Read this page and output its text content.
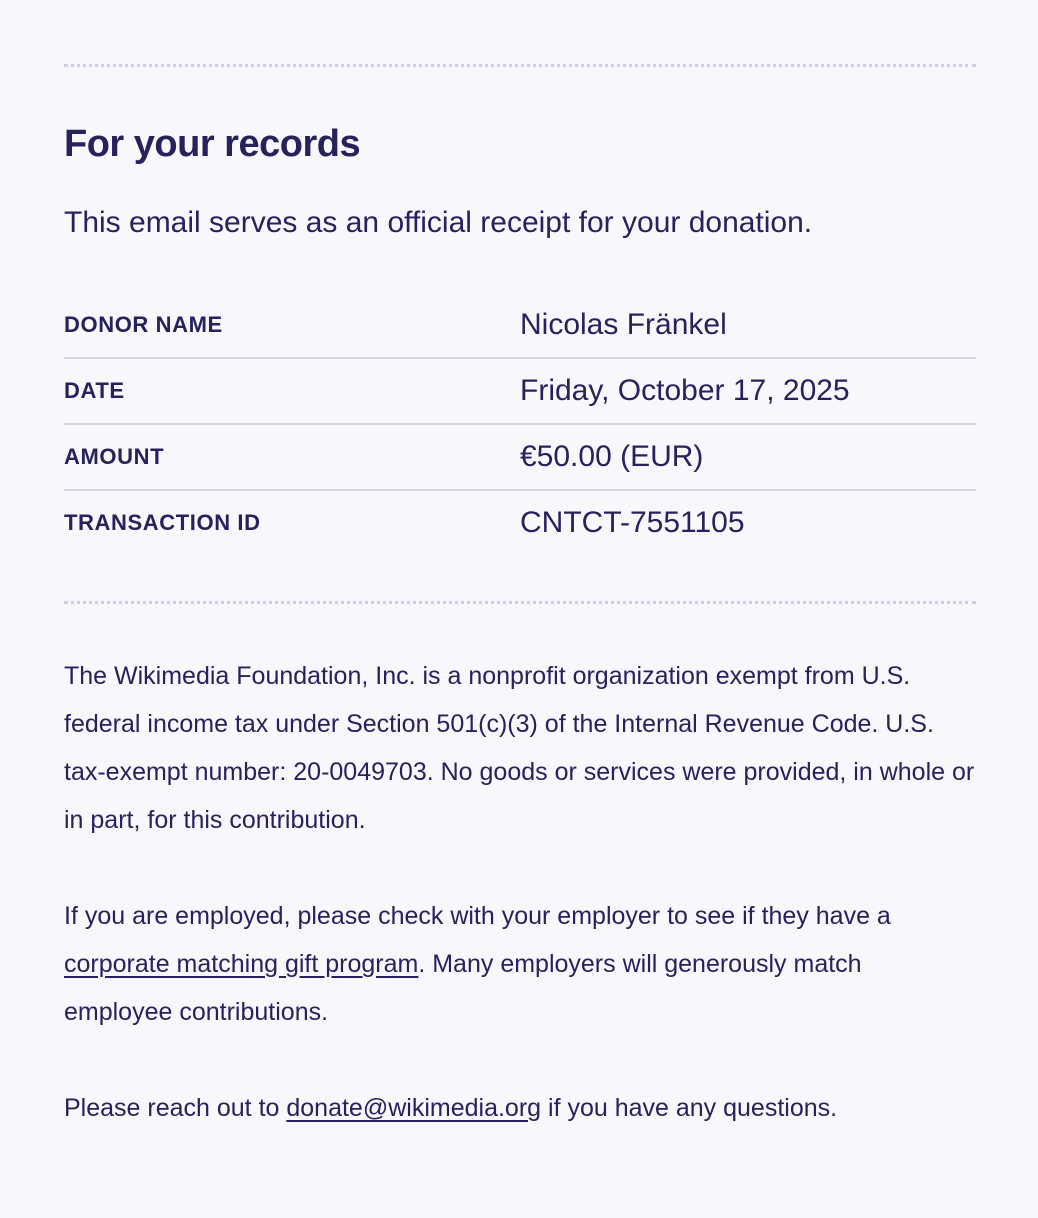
For your records

This email serves as an official receipt for your donation.

DONOR NAME	Nicolas Fränkel
DATE	Friday, October 17, 2025
AMOUNT	€50.00 (EUR)
TRANSACTION ID	CNTCT-7551105

The Wikimedia Foundation, Inc. is a nonprofit organization exempt from U.S. federal income tax under Section 501(c)(3) of the Internal Revenue Code. U.S. tax-exempt number: 20-0049703. No goods or services were provided, in whole or in part, for this contribution.

If you are employed, please check with your employer to see if they have a corporate matching gift program. Many employers will generously match employee contributions.

Please reach out to donate@wikimedia.org if you have any questions.
